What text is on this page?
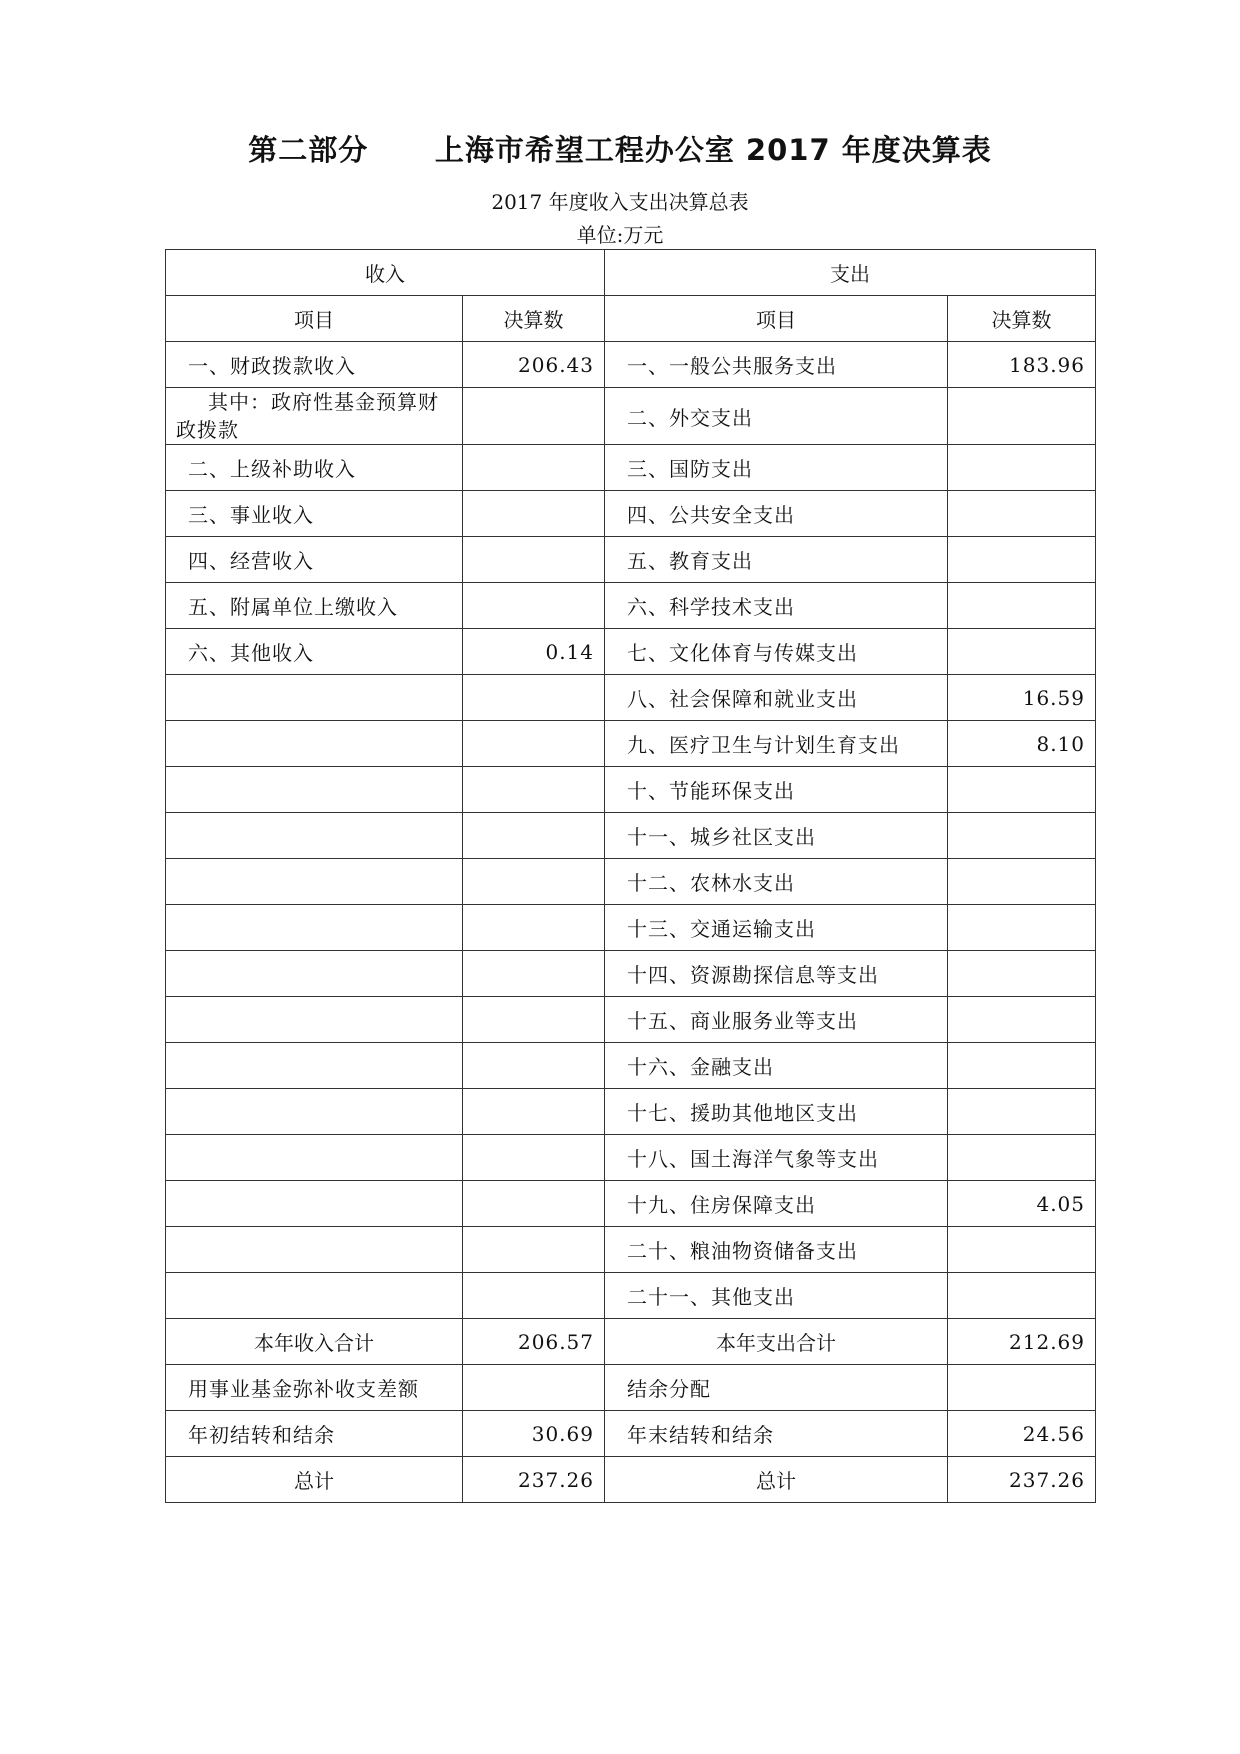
第二部分      上海市希望工程办公室 2017 年度决算表
2017 年度收入支出决算总表
单位:万元
收入		支出	
项目	决算数	项目	决算数
一、财政拨款收入	206.43	一、一般公共服务支出	183.96
其中：政府性基金预算财政拨款		二、外交支出	
二、上级补助收入		三、国防支出	
三、事业收入		四、公共安全支出	
四、经营收入		五、教育支出	
五、附属单位上缴收入		六、科学技术支出	
六、其他收入	0.14	七、文化体育与传媒支出	
		八、社会保障和就业支出	16.59
		九、医疗卫生与计划生育支出	8.10
		十、节能环保支出	
		十一、城乡社区支出	
		十二、农林水支出	
		十三、交通运输支出	
		十四、资源勘探信息等支出	
		十五、商业服务业等支出	
		十六、金融支出	
		十七、援助其他地区支出	
		十八、国土海洋气象等支出	
		十九、住房保障支出	4.05
		二十、粮油物资储备支出	
		二十一、其他支出	
本年收入合计	206.57	本年支出合计	212.69
用事业基金弥补收支差额		结余分配	
年初结转和结余	30.69	年末结转和结余	24.56
总计	237.26	总计	237.26
